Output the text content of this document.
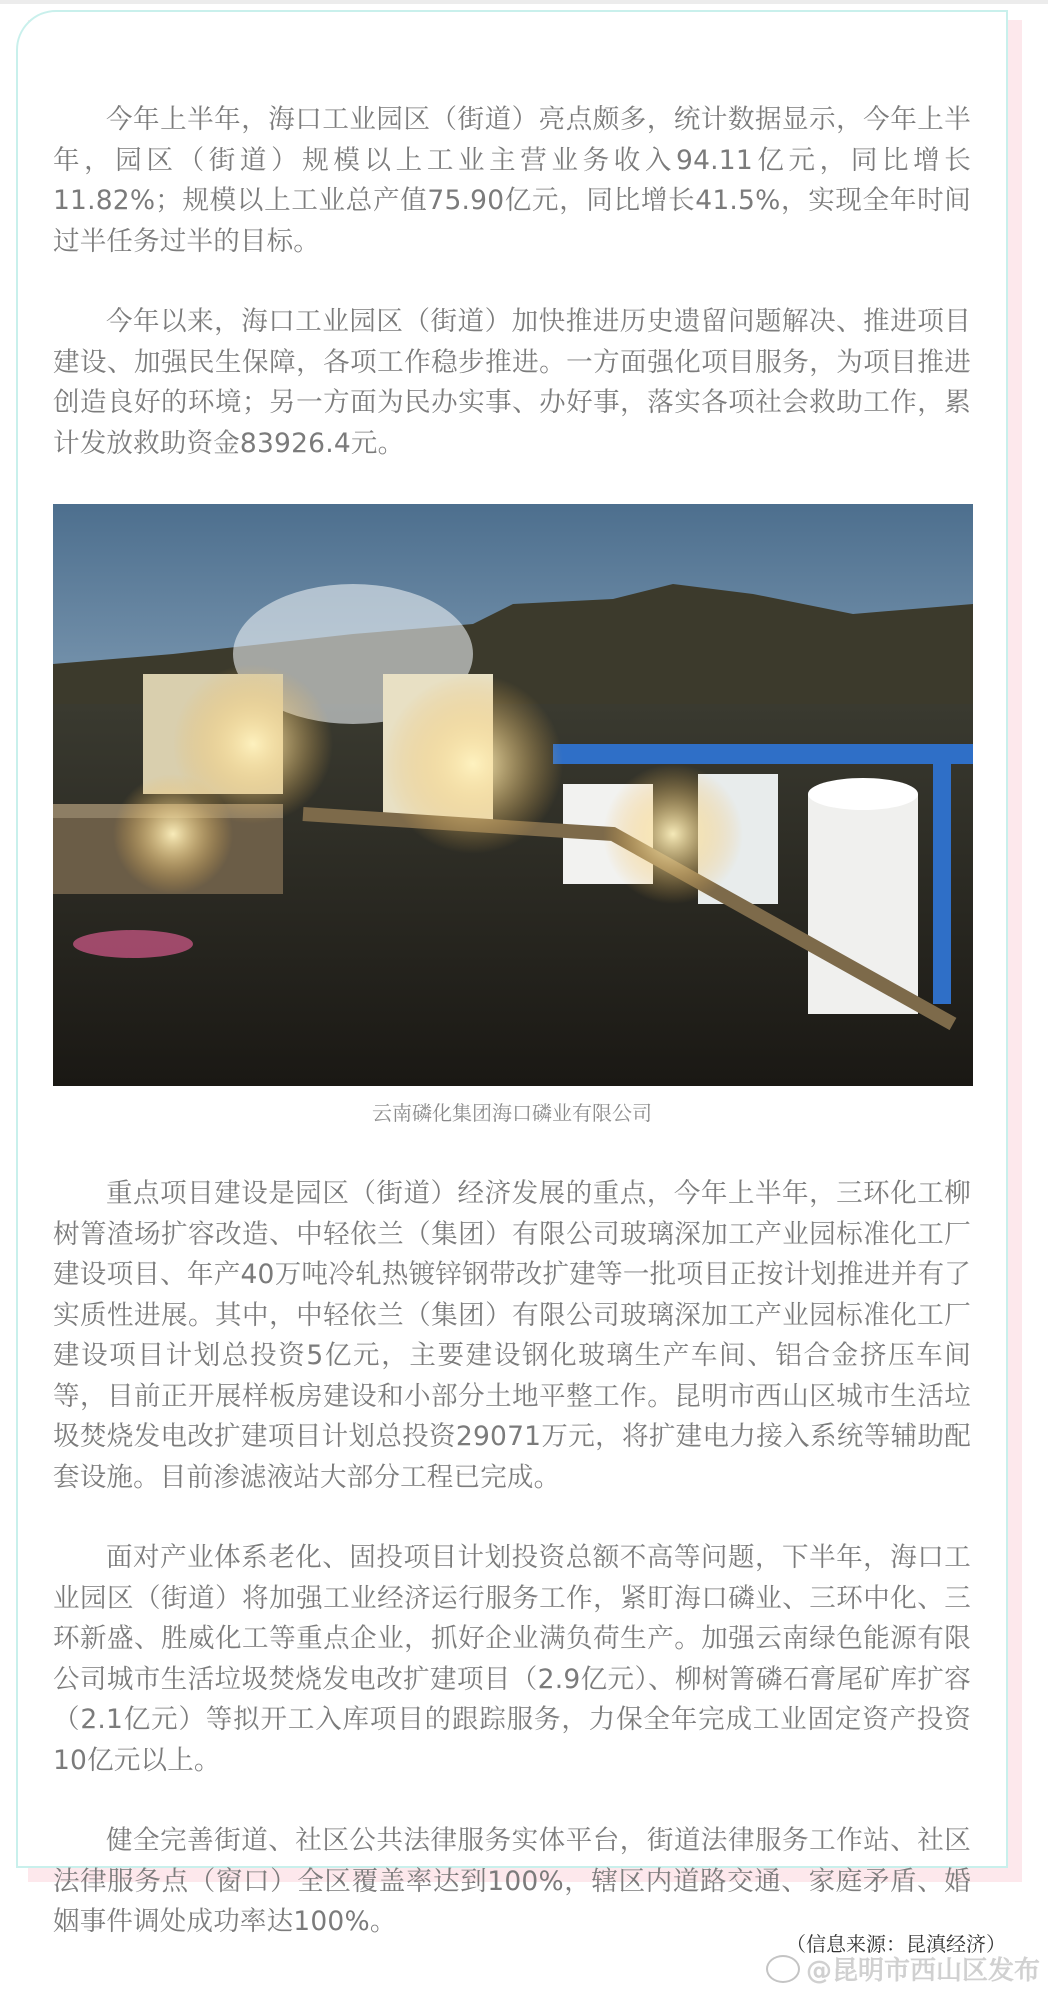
今年上半年，海口工业园区（街道）亮点颇多，统计数据显示，今年上半年，园区（街道）规模以上工业主营业务收入94.11亿元，同比增长11.82%；规模以上工业总产值75.90亿元，同比增长41.5%，实现全年时间过半任务过半的目标。

今年以来，海口工业园区（街道）加快推进历史遗留问题解决、推进项目建设、加强民生保障，各项工作稳步推进。一方面强化项目服务，为项目推进创造良好的环境；另一方面为民办实事、办好事，落实各项社会救助工作，累计发放救助资金83926.4元。

云南磷化集团海口磷业有限公司

重点项目建设是园区（街道）经济发展的重点，今年上半年，三环化工柳树箐渣场扩容改造、中轻依兰（集团）有限公司玻璃深加工产业园标准化工厂建设项目、年产40万吨冷轧热镀锌钢带改扩建等一批项目正按计划推进并有了实质性进展。其中，中轻依兰（集团）有限公司玻璃深加工产业园标准化工厂建设项目计划总投资5亿元，主要建设钢化玻璃生产车间、铝合金挤压车间等，目前正开展样板房建设和小部分土地平整工作。昆明市西山区城市生活垃圾焚烧发电改扩建项目计划总投资29071万元，将扩建电力接入系统等辅助配套设施。目前渗滤液站大部分工程已完成。

面对产业体系老化、固投项目计划投资总额不高等问题，下半年，海口工业园区（街道）将加强工业经济运行服务工作，紧盯海口磷业、三环中化、三环新盛、胜威化工等重点企业，抓好企业满负荷生产。加强云南绿色能源有限公司城市生活垃圾焚烧发电改扩建项目（2.9亿元）、柳树箐磷石膏尾矿库扩容（2.1亿元）等拟开工入库项目的跟踪服务，力保全年完成工业固定资产投资10亿元以上。

健全完善街道、社区公共法律服务实体平台，街道法律服务工作站、社区法律服务点（窗口）全区覆盖率达到100%，辖区内道路交通、家庭矛盾、婚姻事件调处成功率达100%。

（信息来源：昆滇经济）
@昆明市西山区发布
